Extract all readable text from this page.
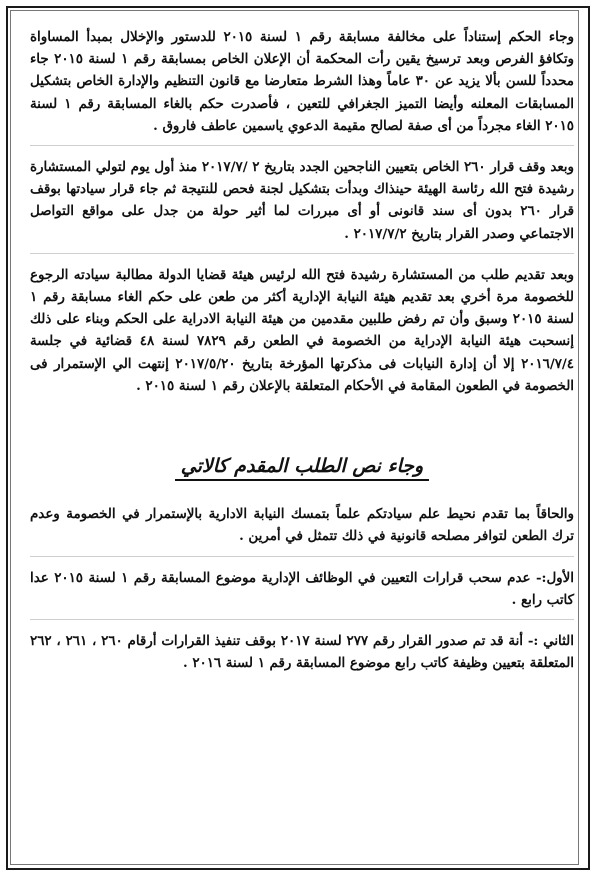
وجاء الحكم إستناداً على مخالفة مسابقة رقم ١ لسنة ٢٠١٥ للدستور والإخلال بمبدأ المساواة وتكافؤ الفرص وبعد ترسيخ يقين رأت المحكمة أن الإعلان الخاص بمسابقة رقم ١ لسنة ٢٠١٥ جاء محدداً للسن بألا يزيد عن ٣٠ عاماً وهذا الشرط متعارضا مع قانون التنظيم والإدارة الخاص بتشكيل المسابقات المعلنه وأيضا التميز الجغرافي للتعين ، فأصدرت حكم بالغاء المسابقة رقم ١ لسنة ٢٠١٥ الغاء مجرداً من أى صفة لصالح مقيمة الدعوي ياسمين عاطف فاروق .

وبعد وقف قرار ٢٦٠ الخاص بتعيين الناجحين الجدد بتاريخ ٢ /٢٠١٧/٧ منذ أول يوم لتولي المستشارة رشيدة فتح الله رئاسة الهيئة حينذاك وبدأت بتشكيل لجنة فحص للنتيجة ثم جاء قرار سيادتها بوقف قرار ٢٦٠ بدون أى سند قانونى أو أى مبررات لما أثير حولة من جدل على مواقع التواصل الاجتماعي وصدر القرار بتاريخ ٢٠١٧/٧/٢ .

وبعد تقديم طلب من المستشارة رشيدة فتح الله لرئيس هيئة قضايا الدولة مطالبة سيادته الرجوع للخصومة مرة أخري بعد تقديم هيئة النيابة الإدارية أكثر من طعن على حكم الغاء مسابقة رقم ١ لسنة ٢٠١٥ وسبق وأن تم رفض طلبين مقدمين من هيئة النيابة الادراية على الحكم وبناء على ذلك إنسحبت هيئة النيابة الإدراية من الخصومة في الطعن رقم ٧٨٢٩ لسنة ٤٨ قضائية في جلسة ٢٠١٦/٧/٤ إلا أن إدارة النيابات فى مذكرتها المؤرخة بتاريخ ٢٠١٧/٥/٢٠ إنتهت الي الإستمرار فى الخصومة في الطعون المقامة في الأحكام المتعلقة بالإعلان رقم ١ لسنة ٢٠١٥ .

وجاء نص الطلب المقدم كالاتي

والحاقاً بما تقدم نحيط علم سيادتكم علماً بتمسك النيابة الادارية بالإستمرار في الخصومة وعدم ترك الطعن لتوافر مصلحه قانونية في ذلك تتمثل في أمرين .

الأول:- عدم سحب قرارات التعيين في الوظائف الإدارية موضوع المسابقة رقم ١ لسنة ٢٠١٥ عدا كاتب رابع .

الثاني :- أنة قد تم صدور القرار رقم ٢٧٧ لسنة ٢٠١٧ بوقف تنفيذ القرارات أرقام ٢٦٠ ، ٢٦١ ، ٢٦٢ المتعلقة بتعيين وظيفة كاتب رابع موضوع المسابقة رقم ١ لسنة ٢٠١٦ .
